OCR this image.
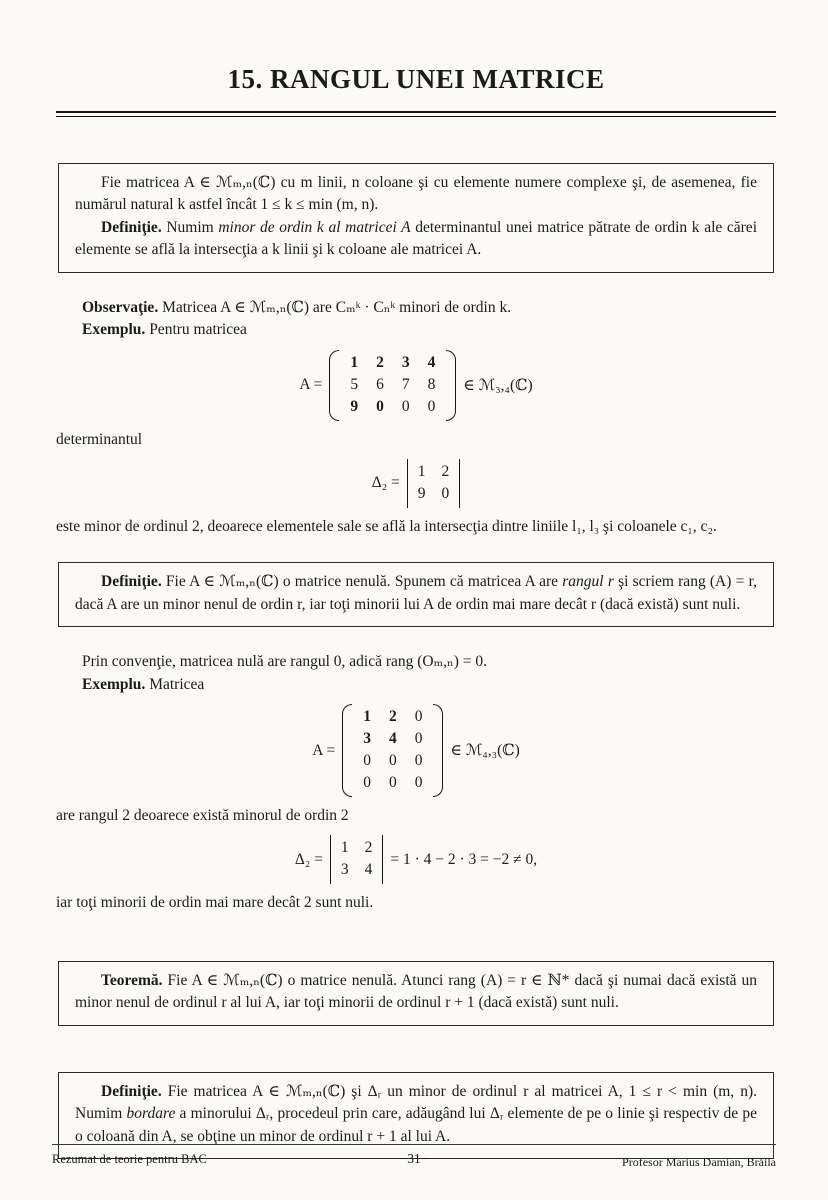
15. RANGUL UNEI MATRICE

Fie matricea A ∈ ℳₘ,ₙ(ℂ) cu m linii, n coloane şi cu elemente numere complexe şi, de asemenea, fie numărul natural k astfel încât 1 ≤ k ≤ min (m, n).

Definiţie. Numim minor de ordin k al matricei A determinantul unei matrice pătrate de ordin k ale cărei elemente se află la intersecţia a k linii şi k coloane ale matricei A.

Observaţie. Matricea A ∈ ℳₘ,ₙ(ℂ) are Cₘᵏ · Cₙᵏ minori de ordin k.

Exemplu. Pentru matricea

A =
1 2 3 4
5 6 7 8
9 0 0 0
∈ ℳ₃,₄(ℂ)

determinantul

Δ₂ =
1 2
9 0

este minor de ordinul 2, deoarece elementele sale se află la intersecţia dintre liniile l₁, l₃ şi coloanele c₁, c₂.

Definiţie. Fie A ∈ ℳₘ,ₙ(ℂ) o matrice nenulă. Spunem că matricea A are rangul r şi scriem rang (A) = r, dacă A are un minor nenul de ordin r, iar toţi minorii lui A de ordin mai mare decât r (dacă există) sunt nuli.

Prin convenţie, matricea nulă are rangul 0, adică rang (Oₘ,ₙ) = 0.

Exemplu. Matricea

A =
1 2 0
3 4 0
0 0 0
0 0 0
∈ ℳ₄,₃(ℂ)

are rangul 2 deoarece există minorul de ordin 2

Δ₂ =
1 2
3 4
= 1 · 4 − 2 · 3 = −2 ≠ 0,

iar toţi minorii de ordin mai mare decât 2 sunt nuli.

Teoremă. Fie A ∈ ℳₘ,ₙ(ℂ) o matrice nenulă. Atunci rang (A) = r ∈ ℕ* dacă şi numai dacă există un minor nenul de ordinul r al lui A, iar toţi minorii de ordinul r + 1 (dacă există) sunt nuli.

Definiţie. Fie matricea A ∈ ℳₘ,ₙ(ℂ) şi Δᵣ un minor de ordinul r al matricei A, 1 ≤ r < min (m, n). Numim bordare a minorului Δᵣ, procedeul prin care, adăugând lui Δᵣ elemente de pe o linie şi respectiv de pe o coloană din A, se obţine un minor de ordinul r + 1 al lui A.

Rezumat de teorie pentru BAC	−31−	Profesor Marius Damian, Brăila
